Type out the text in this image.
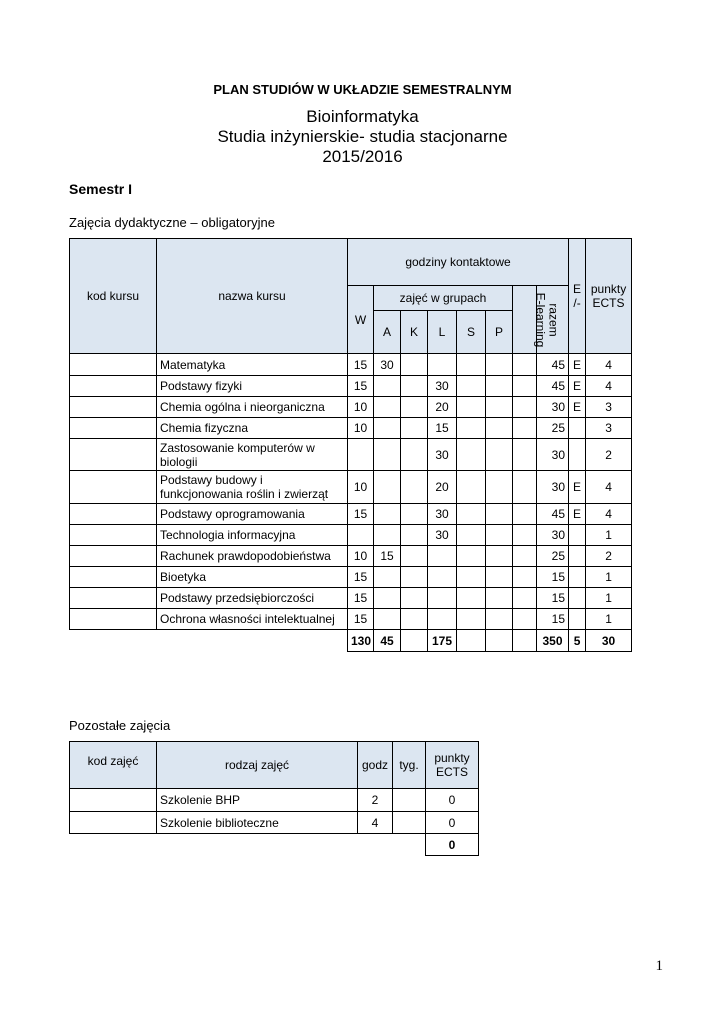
PLAN STUDIÓW W UKŁADZIE SEMESTRALNYM
Bioinformatyka
Studia inżynierskie- studia stacjonarne
2015/2016
Semestr I
Zajęcia dydaktyczne – obligatoryjne
kod kursu	nazwa kursu	godziny kontaktowe								E /-	punkty ECTS
		W	zajęć w grupach					E-learning	razem		
			A	K	L	S	P				
	Matematyka	15	30						45	E	4
	Podstawy fizyki	15			30				45	E	4
	Chemia ogólna i nieorganiczna	10			20				30	E	3
	Chemia fizyczna	10			15				25		3
	Zastosowanie komputerów w biologii				30				30		2
	Podstawy budowy i funkcjonowania roślin i zwierząt	10			20				30	E	4
	Podstawy oprogramowania	15			30				45	E	4
	Technologia informacyjna				30				30		1
	Rachunek prawdopodobieństwa	10	15						25		2
	Bioetyka	15							15		1
	Podstawy przedsiębiorczości	15							15		1
	Ochrona własności intelektualnej	15							15		1
		130	45		175				350	5	30
Pozostałe zajęcia
kod zajęć	rodzaj zajęć	godz	tyg.	punkty ECTS
	Szkolenie BHP	2		0
	Szkolenie biblioteczne	4		0
				0
1
